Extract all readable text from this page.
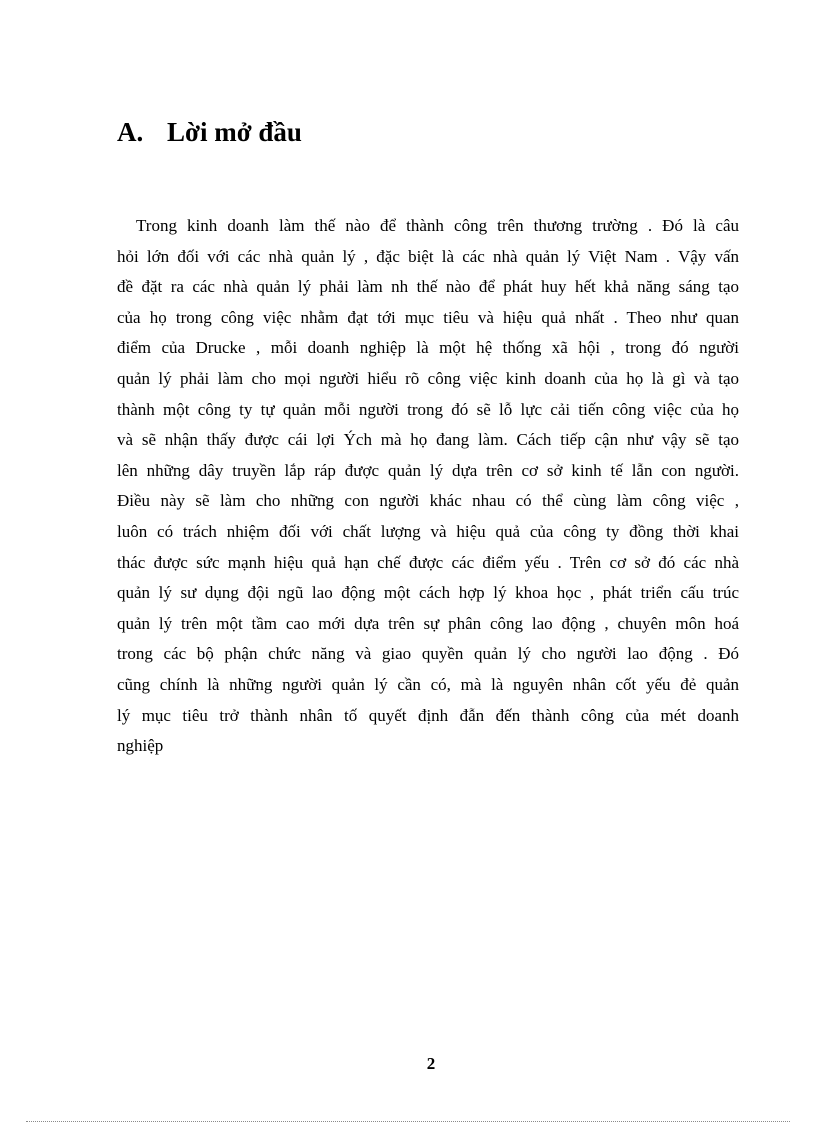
A. Lời mở đầu
Trong kinh doanh làm thế nào để thành công trên thương trường . Đó là câu
hỏi lớn đối với các nhà quản lý , đặc biệt là các nhà quản lý Việt Nam . Vậy vấn
đề đặt ra các nhà quản lý phải làm nh thế nào để phát huy hết khả năng sáng tạo
của họ trong công việc nhằm đạt tới mục tiêu và hiệu quả nhất . Theo như quan
điểm của Drucke , mỗi doanh nghiệp là một hệ thống xã hội , trong đó người
quản lý phải làm cho mọi người hiểu rõ công việc kinh doanh của họ là gì và tạo
thành một công ty tự quản mỗi người trong đó sẽ lỗ lực cải tiến công việc của họ
và sẽ nhận thấy được cái lợi Ých mà họ đang làm. Cách tiếp cận như vậy sẽ tạo
lên những dây truyền lắp ráp được quản lý dựa trên cơ sở kinh tế lẫn con người.
Điều này sẽ làm cho những con người khác nhau có thể cùng làm công việc ,
luôn có trách nhiệm đối với chất lượng và hiệu quả của công ty đồng thời khai
thác được sức mạnh hiệu quả hạn chế được các điểm yếu . Trên cơ sở đó các nhà
quản lý sư dụng đội ngũ lao động một cách hợp lý khoa học , phát triển cấu trúc
quản lý trên một tầm cao mới dựa trên sự phân công lao động , chuyên môn hoá
trong các bộ phận chức năng và giao quyền quản lý cho người lao động . Đó
cũng chính là những người quản lý cần có, mà là nguyên nhân cốt yếu đẻ quản
lý mục tiêu trở thành nhân tố quyết định đẫn đến thành công của mét doanh
nghiệp
2
